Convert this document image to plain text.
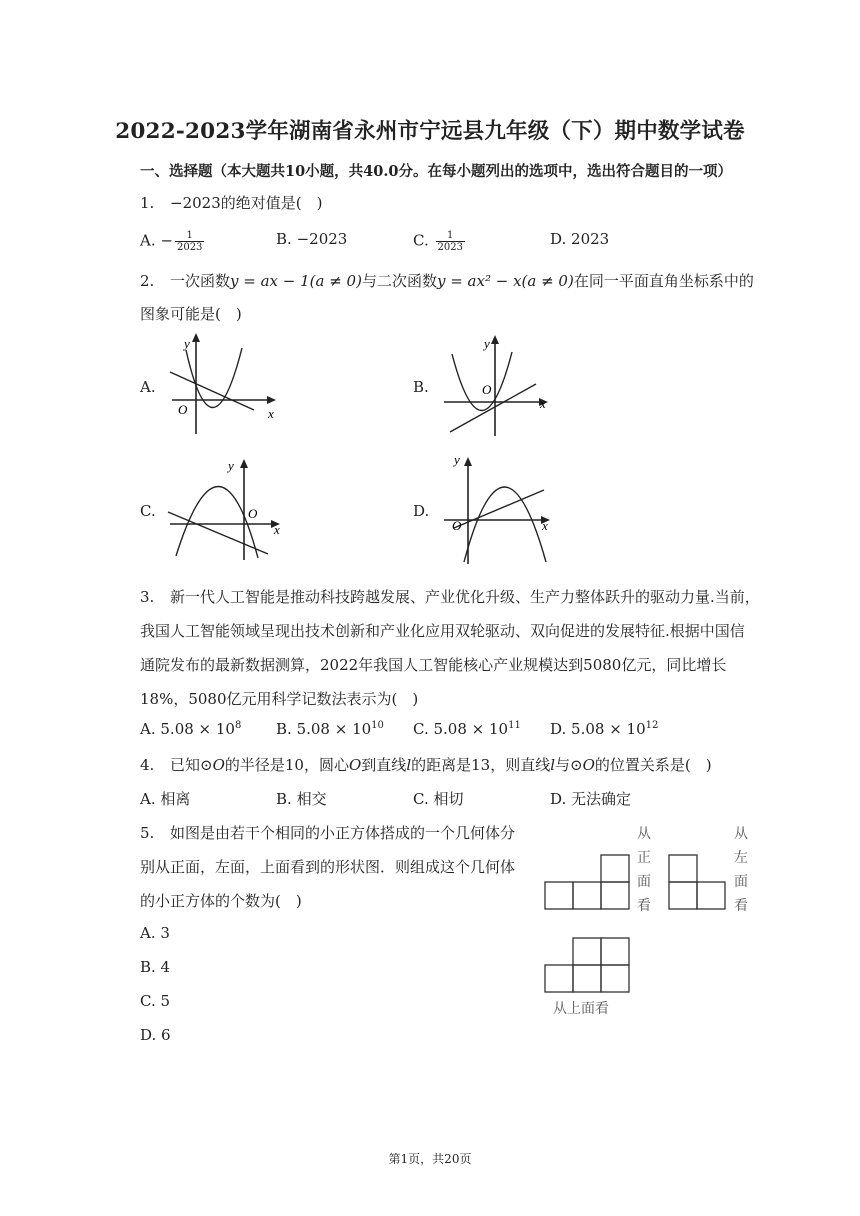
2022-2023学年湖南省永州市宁远县九年级（下）期中数学试卷
一、选择题（本大题共10小题，共40.0分。在每小题列出的选项中，选出符合题目的一项）
1. −2023的绝对值是(　)
A. − $\frac{1}{2023}$	B. −2023	C. $\frac{1}{2023}$	D. 2023
2. 一次函数y = ax − 1(a ≠ 0)与二次函数y = ax² − x(a ≠ 0)在同一平面直角坐标系中的
图象可能是(　)
A.
y
x
O
B.
y
x
O
C.
y
x
O	D.
y
x
O
3. 新一代人工智能是推动科技跨越发展、产业优化升级、生产力整体跃升的驱动力量.当前，
我国人工智能领域呈现出技术创新和产业化应用双轮驱动、双向促进的发展特征.根据中国信
通院发布的最新数据测算，2022年我国人工智能核心产业规模达到5080亿元，同比增长
18%，5080亿元用科学记数法表示为(　)
A. $5.08 \times 10^8$ B. $5.08 \times 10^{10}$ C. $5.08 \times 10^{11}$ D. $5.08 \times 10^{12}$
4. 已知⊙O的半径是10，圆心O到直线l的距离是13，则直线l与⊙O的位置关系是(　)
A. 相离	B. 相交	C. 相切	D. 无法确定
5. 如图是由若干个相同的小正方体搭成的一个几何体分
别从正面，左面，上面看到的形状图．则组成这个几何体
的小正方体的个数为(　)
A. 3
B. 4
C. 5
D. 6
从
正
面
看
从
左
面
看
从上面看
第1页，共20页
